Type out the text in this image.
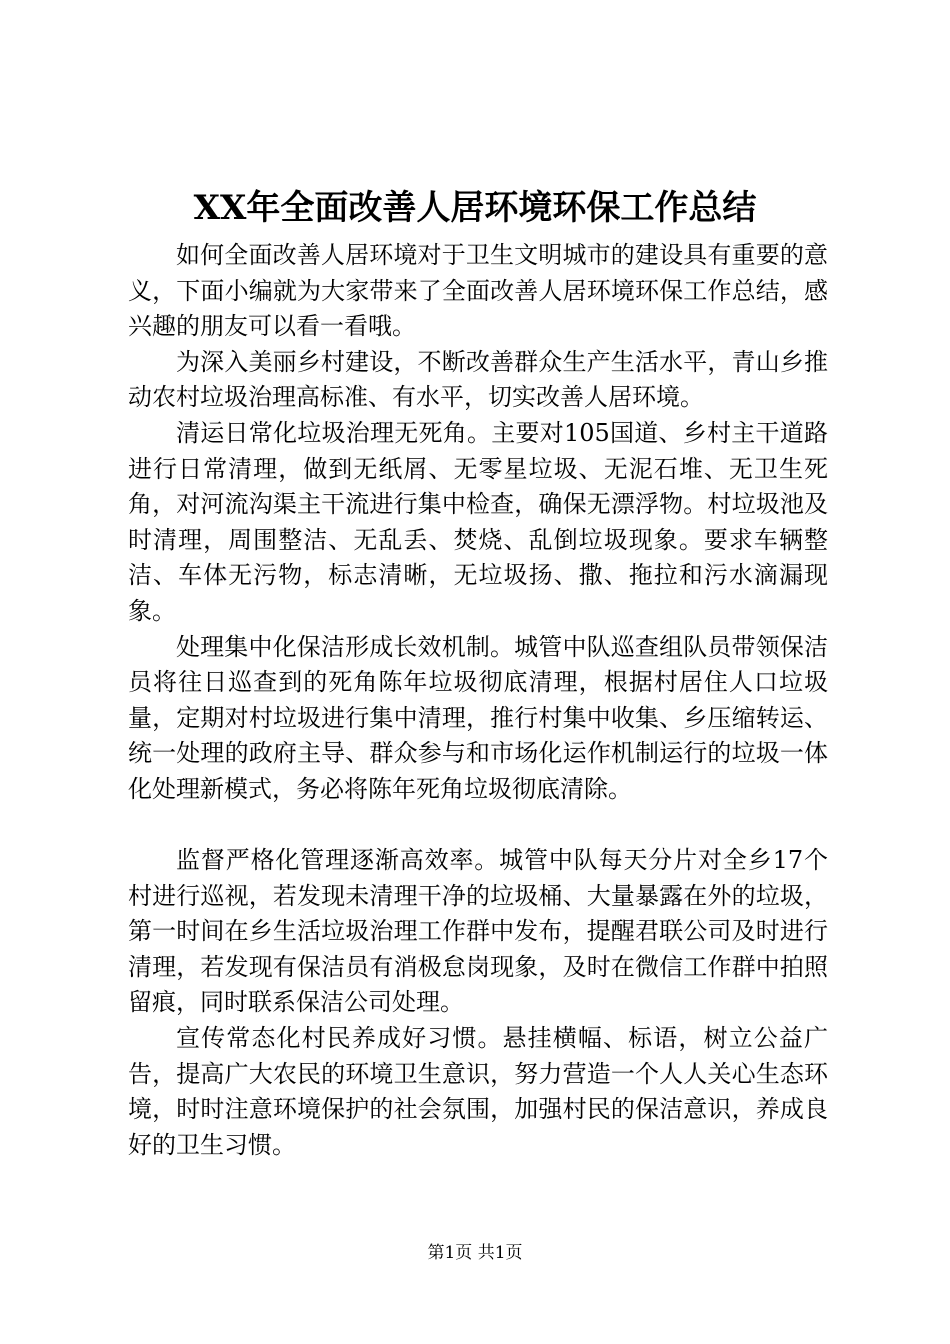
XX年全面改善人居环境环保工作总结

如何全面改善人居环境对于卫生文明城市的建设具有重要的意义，下面小编就为大家带来了全面改善人居环境环保工作总结，感兴趣的朋友可以看一看哦。

为深入美丽乡村建设，不断改善群众生产生活水平，青山乡推动农村垃圾治理高标准、有水平，切实改善人居环境。

清运日常化垃圾治理无死角。主要对105国道、乡村主干道路进行日常清理，做到无纸屑、无零星垃圾、无泥石堆、无卫生死角，对河流沟渠主干流进行集中检查，确保无漂浮物。村垃圾池及时清理，周围整洁、无乱丢、焚烧、乱倒垃圾现象。要求车辆整洁、车体无污物，标志清晰，无垃圾扬、撒、拖拉和污水滴漏现象。

处理集中化保洁形成长效机制。城管中队巡查组队员带领保洁员将往日巡查到的死角陈年垃圾彻底清理，根据村居住人口垃圾量，定期对村垃圾进行集中清理，推行村集中收集、乡压缩转运、统一处理的政府主导、群众参与和市场化运作机制运行的垃圾一体化处理新模式，务必将陈年死角垃圾彻底清除。

监督严格化管理逐渐高效率。城管中队每天分片对全乡17个村进行巡视，若发现未清理干净的垃圾桶、大量暴露在外的垃圾，第一时间在乡生活垃圾治理工作群中发布，提醒君联公司及时进行清理，若发现有保洁员有消极怠岗现象，及时在微信工作群中拍照留痕，同时联系保洁公司处理。

宣传常态化村民养成好习惯。悬挂横幅、标语，树立公益广告，提高广大农民的环境卫生意识，努力营造一个人人关心生态环境，时时注意环境保护的社会氛围，加强村民的保洁意识，养成良好的卫生习惯。

第1页 共1页
